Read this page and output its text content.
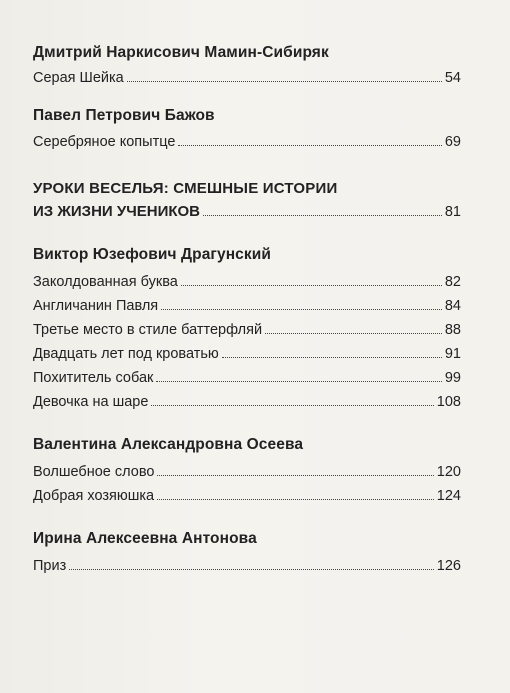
Дмитрий Наркисович Мамин-Сибиряк
Серая Шейка	54
Павел Петрович Бажов
Серебряное копытце	69
УРОКИ ВЕСЕЛЬЯ: СМЕШНЫЕ ИСТОРИИ
ИЗ ЖИЗНИ УЧЕНИКОВ	81
Виктор Юзефович Драгунский
Заколдованная буква	82
Англичанин Павля	84
Третье место в стиле баттерфляй	88
Двадцать лет под кроватью	91
Похититель собак	99
Девочка на шаре	108
Валентина Александровна Осеева
Волшебное слово	120
Добрая хозяюшка	124
Ирина Алексеевна Антонова
Приз	126
